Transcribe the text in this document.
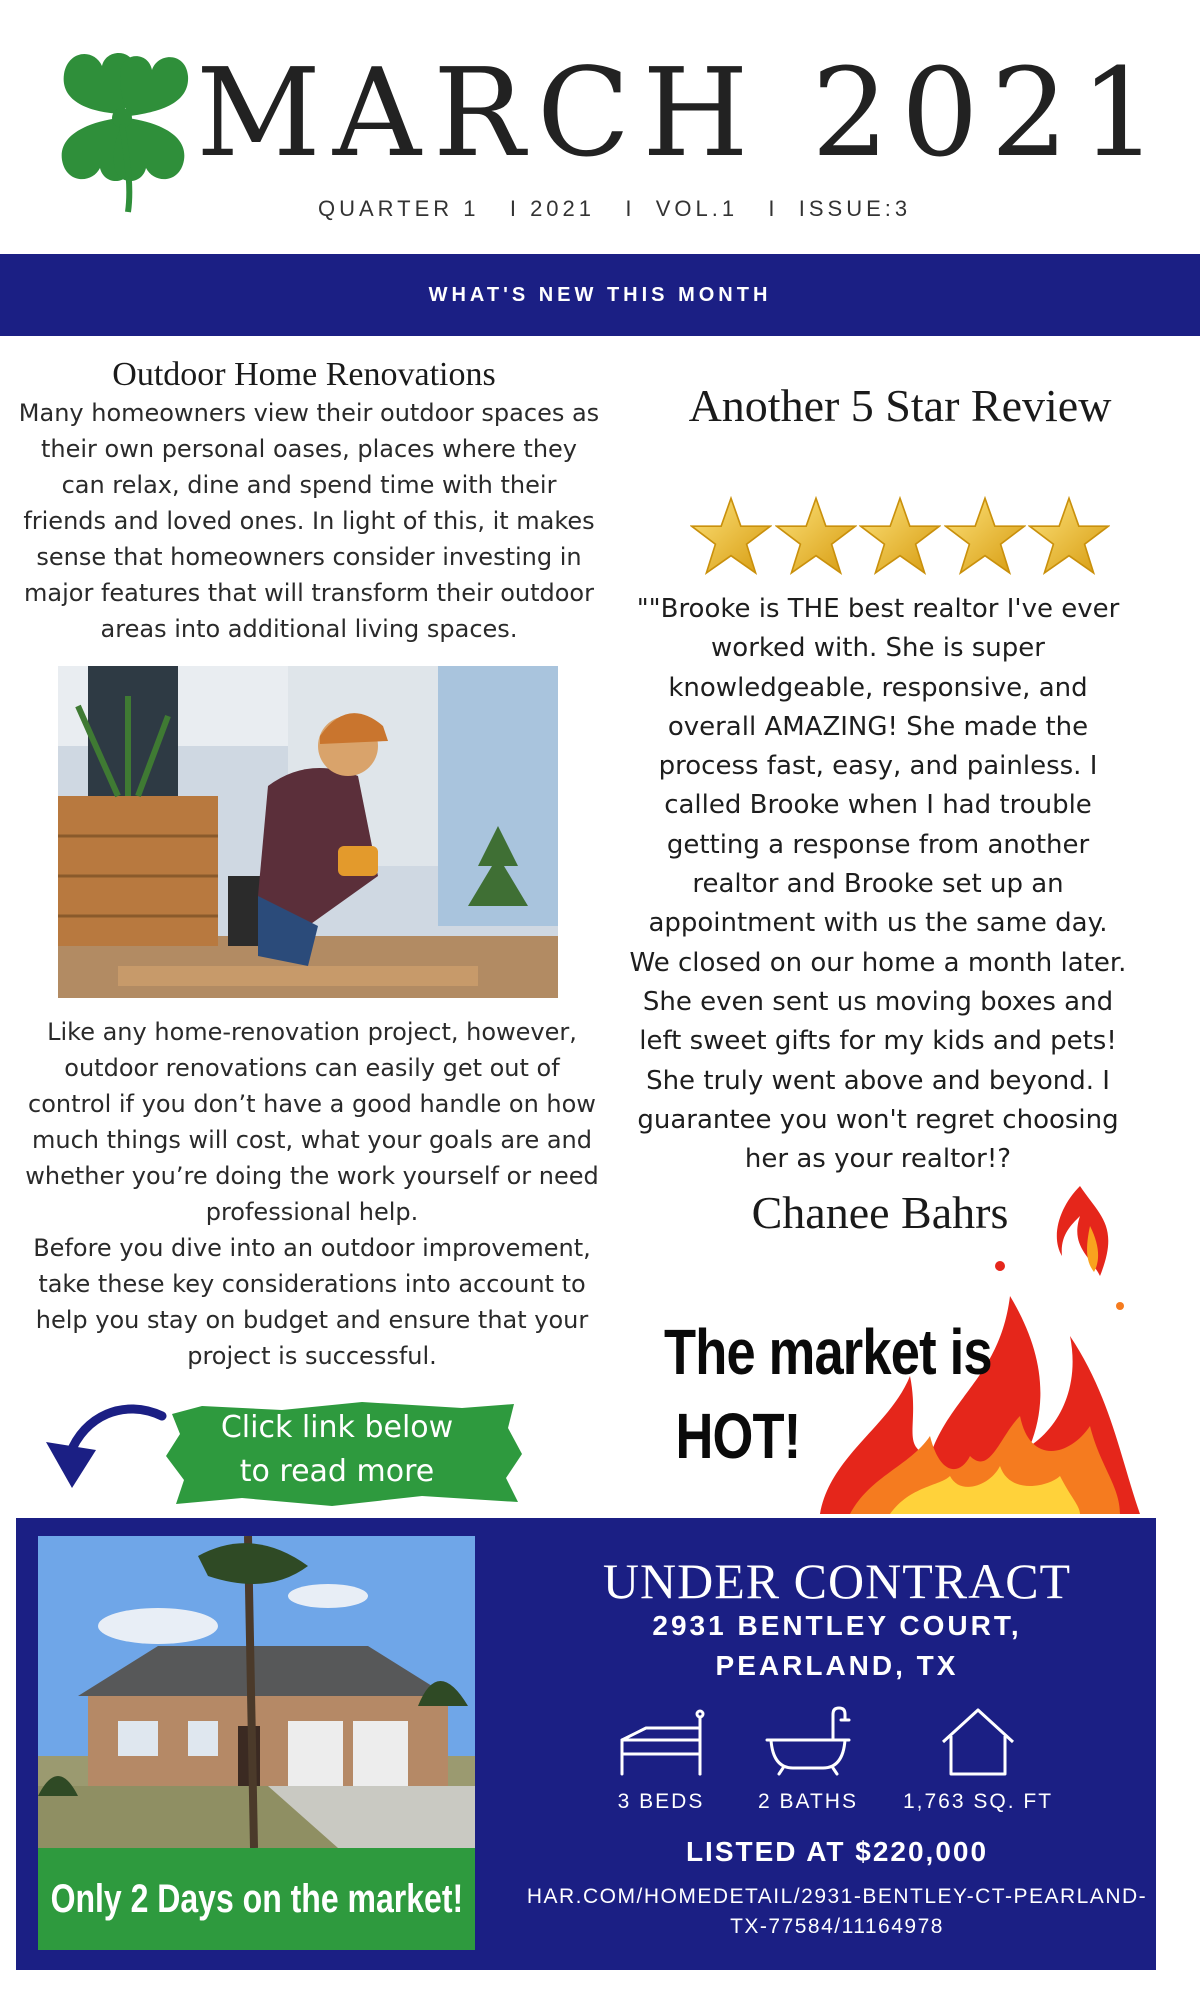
MARCH 2021
QUARTER 1   I 2021   I  VOL.1   I  ISSUE:3
WHAT'S NEW THIS MONTH
Outdoor Home Renovations

Many homeowners view their outdoor spaces as their own personal oases, places where they can relax, dine and spend time with their friends and loved ones. In light of this, it makes sense that homeowners consider investing in major features that will transform their outdoor areas into additional living spaces.

Like any home-renovation project, however, outdoor renovations can easily get out of control if you don’t have a good handle on how much things will cost, what your goals are and whether you’re doing the work yourself or need professional help.

Before you dive into an outdoor improvement, take these key considerations into account to help you stay on budget and ensure that your project is successful.

Click link below
to read more
Another 5 Star Review

""Brooke is THE best realtor I've ever worked with. She is super knowledgeable, responsive, and overall AMAZING! She made the process fast, easy, and painless. I called Brooke when I had trouble getting a response from another realtor and Brooke set up an appointment with us the same day. We closed on our home a month later. She even sent us moving boxes and left sweet gifts for my kids and pets! She truly went above and beyond. I guarantee you won't regret choosing her as your realtor!?

Chanee Bahrs
The market is
HOT!
Only 2 Days on the market!
UNDER CONTRACT
2931 BENTLEY COURT,
PEARLAND, TX
3 BEDS	2 BATHS	1,763 SQ. FT
LISTED AT $220,000
HAR.COM/HOMEDETAIL/2931-BENTLEY-CT-PEARLAND-
TX-77584/11164978
